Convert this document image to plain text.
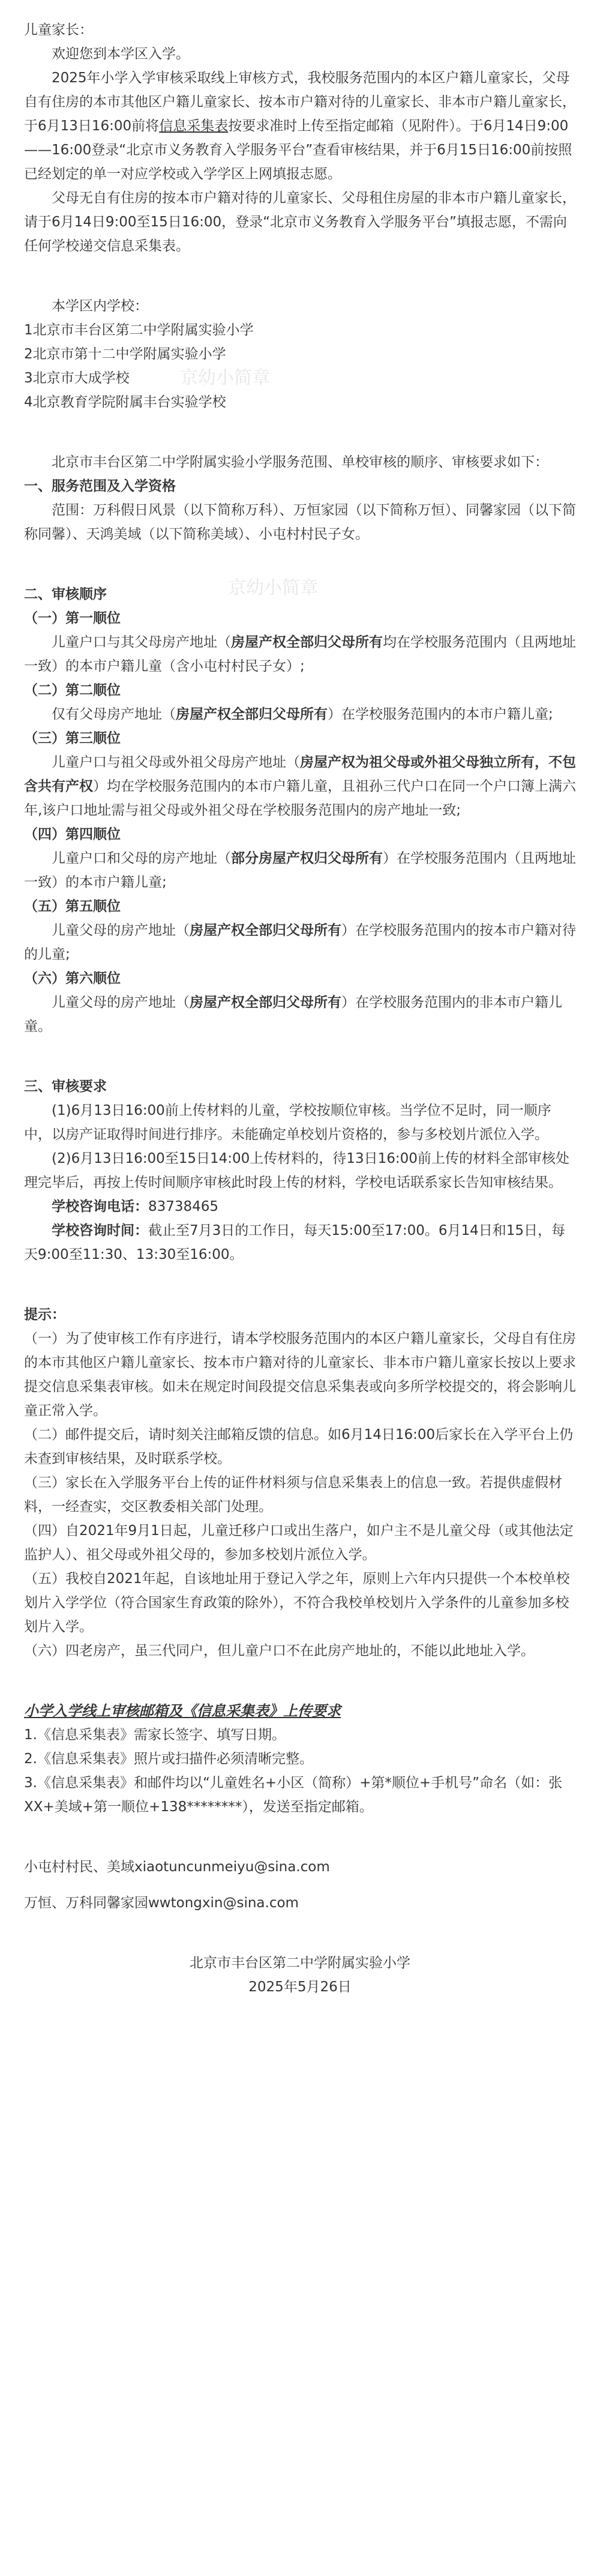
京幼小简章
京幼小简章

儿童家长：

欢迎您到本学区入学。

2025年小学入学审核采取线上审核方式，我校服务范围内的本区户籍儿童家长，父母自有住房的本市其他区户籍儿童家长、按本市户籍对待的儿童家长、非本市户籍儿童家长，于6月13日16:00前将信息采集表按要求准时上传至指定邮箱（见附件）。于6月14日9:00——16:00登录“北京市义务教育入学服务平台”查看审核结果，并于6月15日16:00前按照已经划定的单一对应学校或入学学区上网填报志愿。

父母无自有住房的按本市户籍对待的儿童家长、父母租住房屋的非本市户籍儿童家长，请于6月14日9:00至15日16:00，登录“北京市义务教育入学服务平台”填报志愿，不需向任何学校递交信息采集表。

本学区内学校：

1北京市丰台区第二中学附属实验小学

2北京市第十二中学附属实验小学

3北京市大成学校

4北京教育学院附属丰台实验学校

北京市丰台区第二中学附属实验小学服务范围、单校审核的顺序、审核要求如下：

一、服务范围及入学资格

范围：万科假日风景（以下简称万科）、万恒家园（以下简称万恒）、同馨家园（以下简称同馨）、天鸿美域（以下简称美域）、小屯村村民子女。

二、审核顺序

（一）第一顺位

儿童户口与其父母房产地址（房屋产权全部归父母所有均在学校服务范围内（且两地址一致）的本市户籍儿童（含小屯村村民子女）;

（二）第二顺位

仅有父母房产地址（房屋产权全部归父母所有）在学校服务范围内的本市户籍儿童;

（三）第三顺位

儿童户口与祖父母或外祖父母房产地址（房屋产权为祖父母或外祖父母独立所有，不包含共有产权）均在学校服务范围内的本市户籍儿童，且祖孙三代户口在同一个户口簿上满六年,该户口地址需与祖父母或外祖父母在学校服务范围内的房产地址一致;

（四）第四顺位

儿童户口和父母的房产地址（部分房屋产权归父母所有）在学校服务范围内（且两地址一致）的本市户籍儿童;

（五）第五顺位

儿童父母的房产地址（房屋产权全部归父母所有）在学校服务范围内的按本市户籍对待的儿童;

（六）第六顺位

儿童父母的房产地址（房屋产权全部归父母所有）在学校服务范围内的非本市户籍儿童。

三、审核要求

(1)6月13日16:00前上传材料的儿童，学校按顺位审核。当学位不足时，同一顺序中，以房产证取得时间进行排序。未能确定单校划片资格的，参与多校划片派位入学。

(2)6月13日16:00至15日14:00上传材料的，待13日16:00前上传的材料全部审核处理完毕后，再按上传时间顺序审核此时段上传的材料，学校电话联系家长告知审核结果。

学校咨询电话：83738465

学校咨询时间：截止至7月3日的工作日，每天15:00至17:00。6月14日和15日，每天9:00至11:30、13:30至16:00。

提示：

（一）为了使审核工作有序进行，请本学校服务范围内的本区户籍儿童家长，父母自有住房的本市其他区户籍儿童家长、按本市户籍对待的儿童家长、非本市户籍儿童家长按以上要求提交信息采集表审核。如未在规定时间段提交信息采集表或向多所学校提交的，将会影响儿童正常入学。

（二）邮件提交后，请时刻关注邮箱反馈的信息。如6月14日16:00后家长在入学平台上仍未查到审核结果，及时联系学校。

（三）家长在入学服务平台上传的证件材料须与信息采集表上的信息一致。若提供虚假材料，一经查实，交区教委相关部门处理。

（四）自2021年9月1日起，儿童迁移户口或出生落户，如户主不是儿童父母（或其他法定监护人）、祖父母或外祖父母的，参加多校划片派位入学。

（五）我校自2021年起，自该地址用于登记入学之年，原则上六年内只提供一个本校单校划片入学学位（符合国家生育政策的除外），不符合我校单校划片入学条件的儿童参加多校划片入学。

（六）四老房产，虽三代同户，但儿童户口不在此房产地址的，不能以此地址入学。

小学入学线上审核邮箱及《信息采集表》上传要求

1.《信息采集表》需家长签字、填写日期。

2.《信息采集表》照片或扫描件必须清晰完整。

3.《信息采集表》和邮件均以“儿童姓名+小区（简称）+第*顺位+手机号”命名（如：张XX+美域+第一顺位+138********），发送至指定邮箱。

小屯村村民、美域xiaotuncunmeiyu@sina.com

万恒、万科同馨家园wwtongxin@sina.com

北京市丰台区第二中学附属实验小学

2025年5月26日
